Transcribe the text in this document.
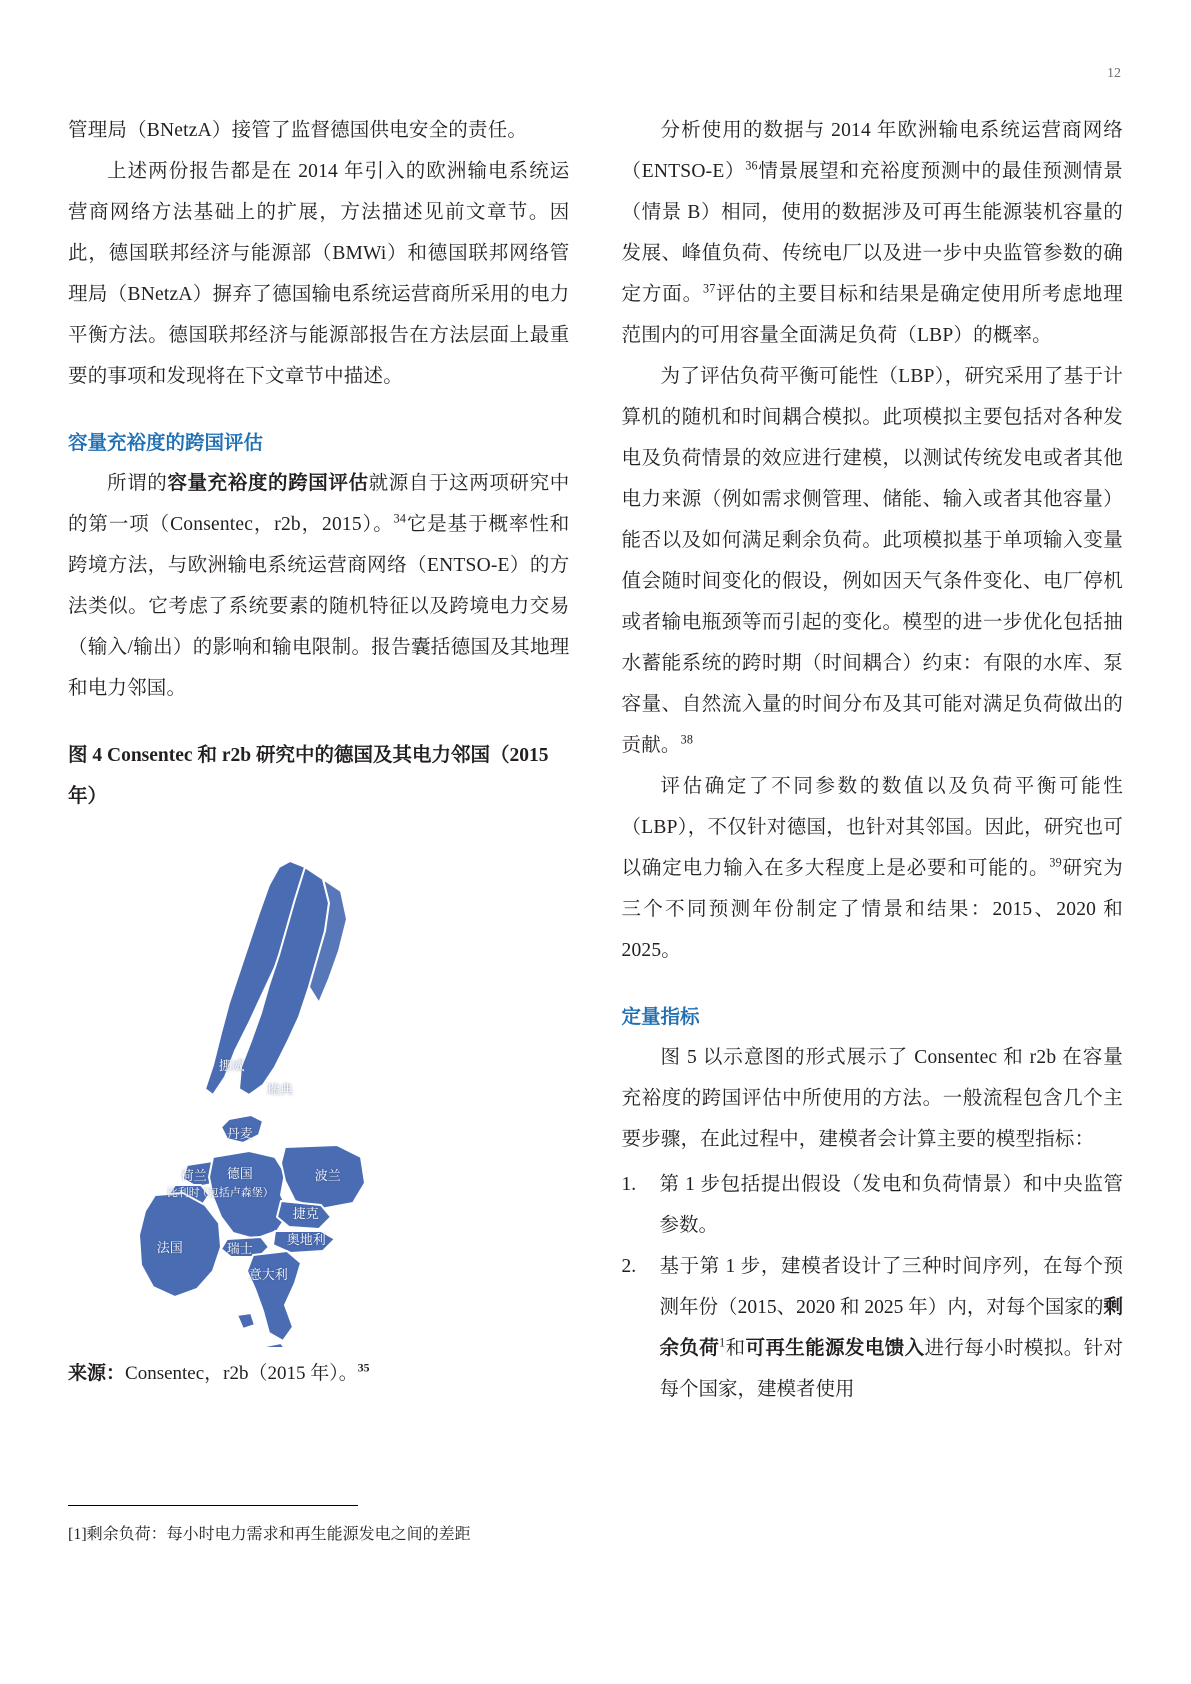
12

管理局（BNetzA）接管了监督德国供电安全的责任。

上述两份报告都是在 2014 年引入的欧洲输电系统运营商网络方法基础上的扩展，方法描述见前文章节。因此，德国联邦经济与能源部（BMWi）和德国联邦网络管理局（BNetzA）摒弃了德国输电系统运营商所采用的电力平衡方法。德国联邦经济与能源部报告在方法层面上最重要的事项和发现将在下文章节中描述。

容量充裕度的跨国评估

所谓的容量充裕度的跨国评估就源自于这两项研究中的第一项（Consentec，r2b，2015）。$^{34}$它是基于概率性和跨境方法，与欧洲输电系统运营商网络（ENTSO-E）的方法类似。它考虑了系统要素的随机特征以及跨境电力交易（输入/输出）的影响和输电限制。报告囊括德国及其地理和电力邻国。

图 4 Consentec 和 r2b 研究中的德国及其电力邻国（2015 年）
挪威
瑞典
丹麦
荷兰 德国	波兰
比利时
（包括卢森堡）
捷克
奥地利
法国	瑞士
意大利
来源：Consentec，r2b（2015 年）。$^{35}$

分析使用的数据与 2014 年欧洲输电系统运营商网络（ENTSO-E）$^{36}$情景展望和充裕度预测中的最佳预测情景（情景 B）相同，使用的数据涉及可再生能源装机容量的发展、峰值负荷、传统电厂以及进一步中央监管参数的确定方面。$^{37}$评估的主要目标和结果是确定使用所考虑地理范围内的可用容量全面满足负荷（LBP）的概率。

为了评估负荷平衡可能性（LBP），研究采用了基于计算机的随机和时间耦合模拟。此项模拟主要包括对各种发电及负荷情景的效应进行建模，以测试传统发电或者其他电力来源（例如需求侧管理、储能、输入或者其他容量）能否以及如何满足剩余负荷。此项模拟基于单项输入变量值会随时间变化的假设，例如因天气条件变化、电厂停机或者输电瓶颈等而引起的变化。模型的进一步优化包括抽水蓄能系统的跨时期（时间耦合）约束：有限的水库、泵容量、自然流入量的时间分布及其可能对满足负荷做出的贡献。$^{38}$

评估确定了不同参数的数值以及负荷平衡可能性（LBP），不仅针对德国，也针对其邻国。因此，研究也可以确定电力输入在多大程度上是必要和可能的。$^{39}$研究为三个不同预测年份制定了情景和结果：2015、2020 和 2025。

定量指标

图 5 以示意图的形式展示了 Consentec 和 r2b 在容量充裕度的跨国评估中所使用的方法。一般流程包含几个主要步骤，在此过程中，建模者会计算主要的模型指标：

1. 第 1 步包括提出假设（发电和负荷情景）和中央监管参数。
2. 基于第 1 步，建模者设计了三种时间序列，在每个预测年份（2015、2020 和 2025 年）内，对每个国家的剩余负荷$^1$和可再生能源发电馈入进行每小时模拟。针对每个国家，建模者使用
[1]剩余负荷：每小时电力需求和再生能源发电之间的差距
